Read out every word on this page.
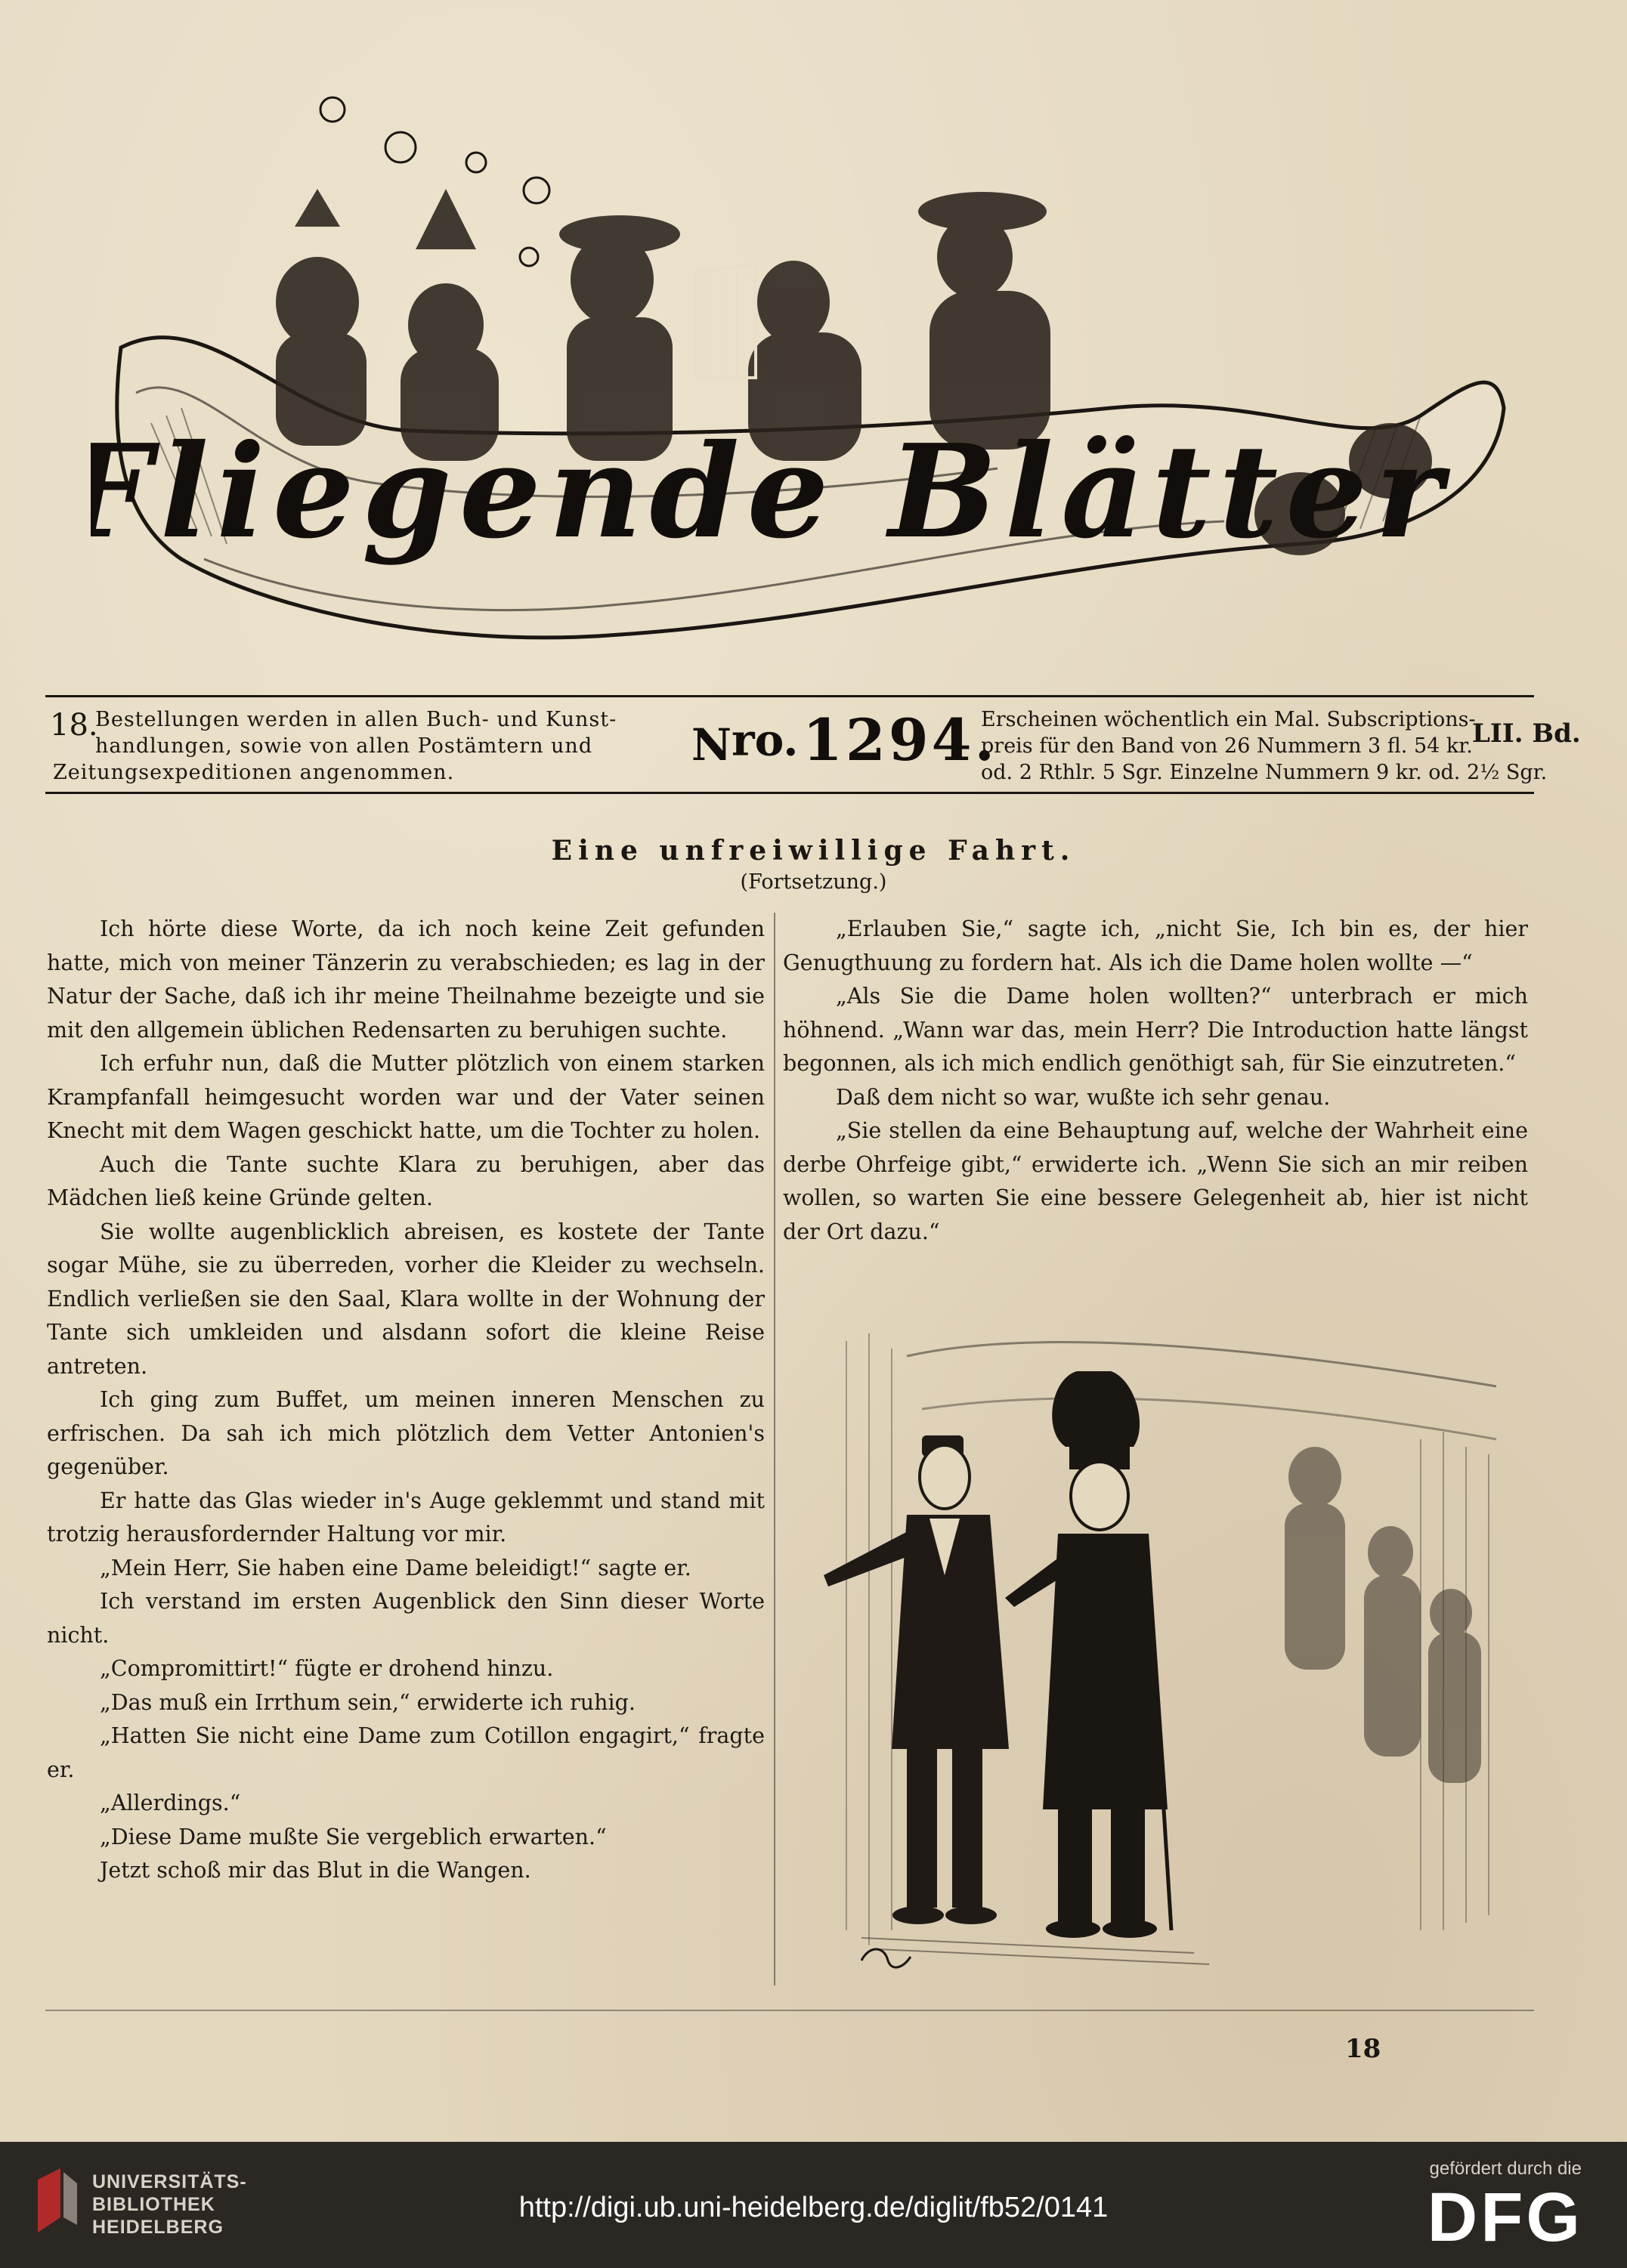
Fliegende Blätter
18.
Bestellungen werden in allen Buch- und Kunst-
handlungen, sowie von allen Postämtern und
Zeitungsexpeditionen angenommen.
$N^{ro.}$ 1294.
Erscheinen wöchentlich ein Mal. Subscriptions-
preis für den Band von 26 Nummern 3 fl. 54 kr.
od. 2 Rthlr. 5 Sgr. Einzelne Nummern 9 kr. od. 2½ Sgr.
LII. Bd.
Eine unfreiwillige Fahrt.
(Fortsetzung.)

Ich hörte diese Worte, da ich noch keine Zeit gefunden hatte, mich von meiner Tänzerin zu verabschieden; es lag in der Natur der Sache, daß ich ihr meine Theilnahme bezeigte und sie mit den allgemein üblichen Redensarten zu beruhigen suchte.

Ich erfuhr nun, daß die Mutter plötzlich von einem starken Krampfanfall heimgesucht worden war und der Vater seinen Knecht mit dem Wagen geschickt hatte, um die Tochter zu holen.

Auch die Tante suchte Klara zu beruhigen, aber das Mädchen ließ keine Gründe gelten.

Sie wollte augenblicklich abreisen, es kostete der Tante sogar Mühe, sie zu überreden, vorher die Kleider zu wechseln. Endlich verließen sie den Saal, Klara wollte in der Wohnung der Tante sich umkleiden und alsdann sofort die kleine Reise antreten.

Ich ging zum Buffet, um meinen inneren Menschen zu erfrischen. Da sah ich mich plötzlich dem Vetter Antonien's gegenüber.

Er hatte das Glas wieder in's Auge geklemmt und stand mit trotzig herausfordernder Haltung vor mir.

„Mein Herr, Sie haben eine Dame beleidigt!“ sagte er.

Ich verstand im ersten Augenblick den Sinn dieser Worte nicht.

„Compromittirt!“ fügte er drohend hinzu.

„Das muß ein Irrthum sein,“ erwiderte ich ruhig.

„Hatten Sie nicht eine Dame zum Cotillon engagirt,“ fragte er.

„Allerdings.“

„Diese Dame mußte Sie vergeblich erwarten.“

Jetzt schoß mir das Blut in die Wangen.

„Erlauben Sie,“ sagte ich, „nicht Sie, Ich bin es, der hier Genugthuung zu fordern hat. Als ich die Dame holen wollte —“

„Als Sie die Dame holen wollten?“ unterbrach er mich höhnend. „Wann war das, mein Herr? Die Introduction hatte längst begonnen, als ich mich endlich genöthigt sah, für Sie einzutreten.“

Daß dem nicht so war, wußte ich sehr genau.

„Sie stellen da eine Behauptung auf, welche der Wahrheit eine derbe Ohrfeige gibt,“ erwiderte ich. „Wenn Sie sich an mir reiben wollen, so warten Sie eine bessere Gelegenheit ab, hier ist nicht der Ort dazu.“

18
UNIVERSITÄTS-
BIBLIOTHEK
HEIDELBERG
http://digi.ub.uni-heidelberg.de/diglit/fb52/0141
gefördert durch die
DFG
